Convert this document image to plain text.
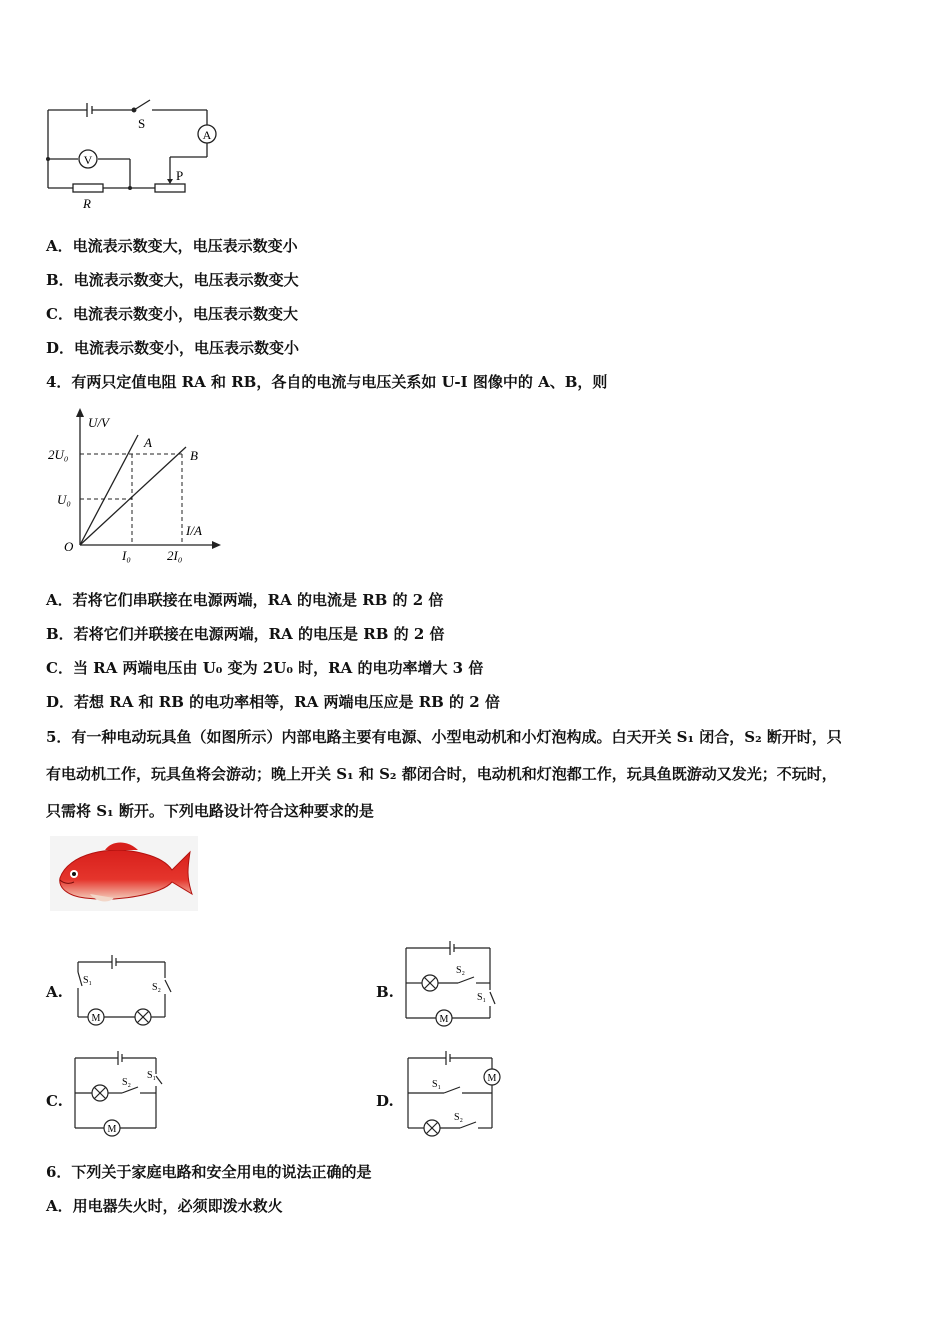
A
V
S
R
P
A．电流表示数变大，电压表示数变小
B．电流表示数变大，电压表示数变大
C．电流表示数变小，电压表示数变大
D．电流表示数变小，电压表示数变小
4．有两只定值电阻 RA 和 RB，各自的电流与电压关系如 U-I 图像中的 A、B，则
U/V
I/A
O
2U₀
U₀
I₀	2I₀
A
B
A．若将它们串联接在电源两端，RA 的电流是 RB 的 2 倍
B．若将它们并联接在电源两端，RA 的电压是 RB 的 2 倍
C．当 RA 两端电压由 U₀ 变为 2U₀ 时，RA 的电功率增大 3 倍
D．若想 RA 和 RB 的电功率相等，RA 两端电压应是 RB 的 2 倍
5．有一种电动玩具鱼（如图所示）内部电路主要有电源、小型电动机和小灯泡构成。白天开关 S₁ 闭合，S₂ 断开时，只
有电动机工作，玩具鱼将会游动；晚上开关 S₁ 和 S₂ 都闭合时，电动机和灯泡都工作，玩具鱼既游动又发光；不玩时，
只需将 S₁ 断开。下列电路设计符合这种要求的是
A.
M
S₁
S₂	B.
M
S₂
S₁
C.
M
S₂
S₁
D.
M
S₁
S₂
6．下列关于家庭电路和安全用电的说法正确的是
A．用电器失火时，必须即泼水救火
